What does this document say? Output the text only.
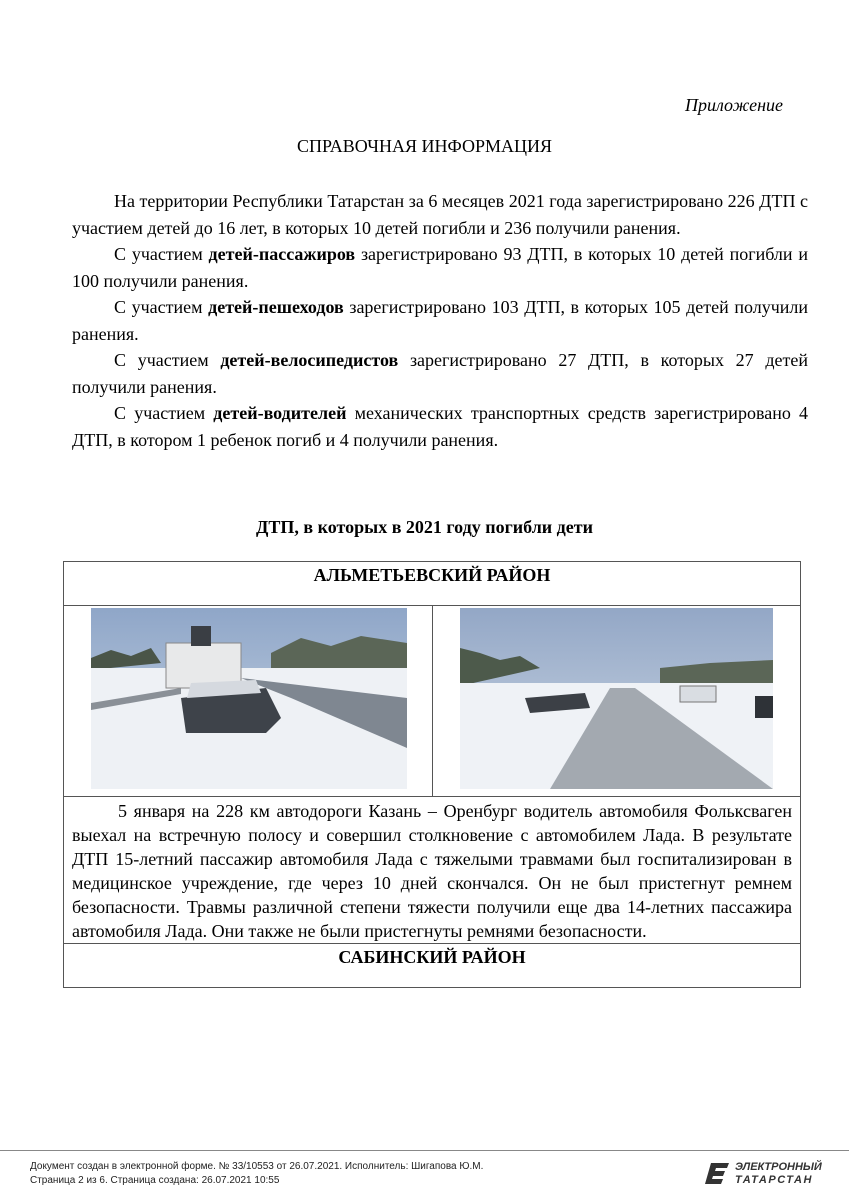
Приложение
СПРАВОЧНАЯ ИНФОРМАЦИЯ

На территории Республики Татарстан за 6 месяцев 2021 года зарегистрировано 226 ДТП с участием детей до 16 лет, в которых 10 детей погибли и 236 получили ранения.

С участием детей-пассажиров зарегистрировано 93 ДТП, в которых 10 детей погибли и 100 получили ранения.

С участием детей-пешеходов зарегистрировано 103 ДТП, в которых 105 детей получили ранения.

С участием детей-велосипедистов зарегистрировано 27 ДТП, в которых 27 детей получили ранения.

С участием детей-водителей механических транспортных средств зарегистрировано 4 ДТП, в котором 1 ребенок погиб и 4 получили ранения.

ДТП, в которых в 2021 году погибли дети
АЛЬМЕТЬЕВСКИЙ РАЙОН

5 января на 228 км автодороги Казань – Оренбург водитель автомобиля Фольксваген выехал на встречную полосу и совершил столкновение с автомобилем Лада. В результате ДТП 15-летний пассажир автомобиля Лада с тяжелыми травмами был госпитализирован в медицинское учреждение, где через 10 дней скончался. Он не был пристегнут ремнем безопасности. Травмы различной степени тяжести получили еще два 14-летних пассажира автомобиля Лада. Они также не были пристегнуты ремнями безопасности.

САБИНСКИЙ РАЙОН
Документ создан в электронной форме. № 33/10553 от 26.07.2021. Исполнитель: Шигапова Ю.М.
Страница 2 из 6. Страница создана: 26.07.2021 10:55
ЭЛЕКТРОННЫЙ
ТАТАРСТАН
